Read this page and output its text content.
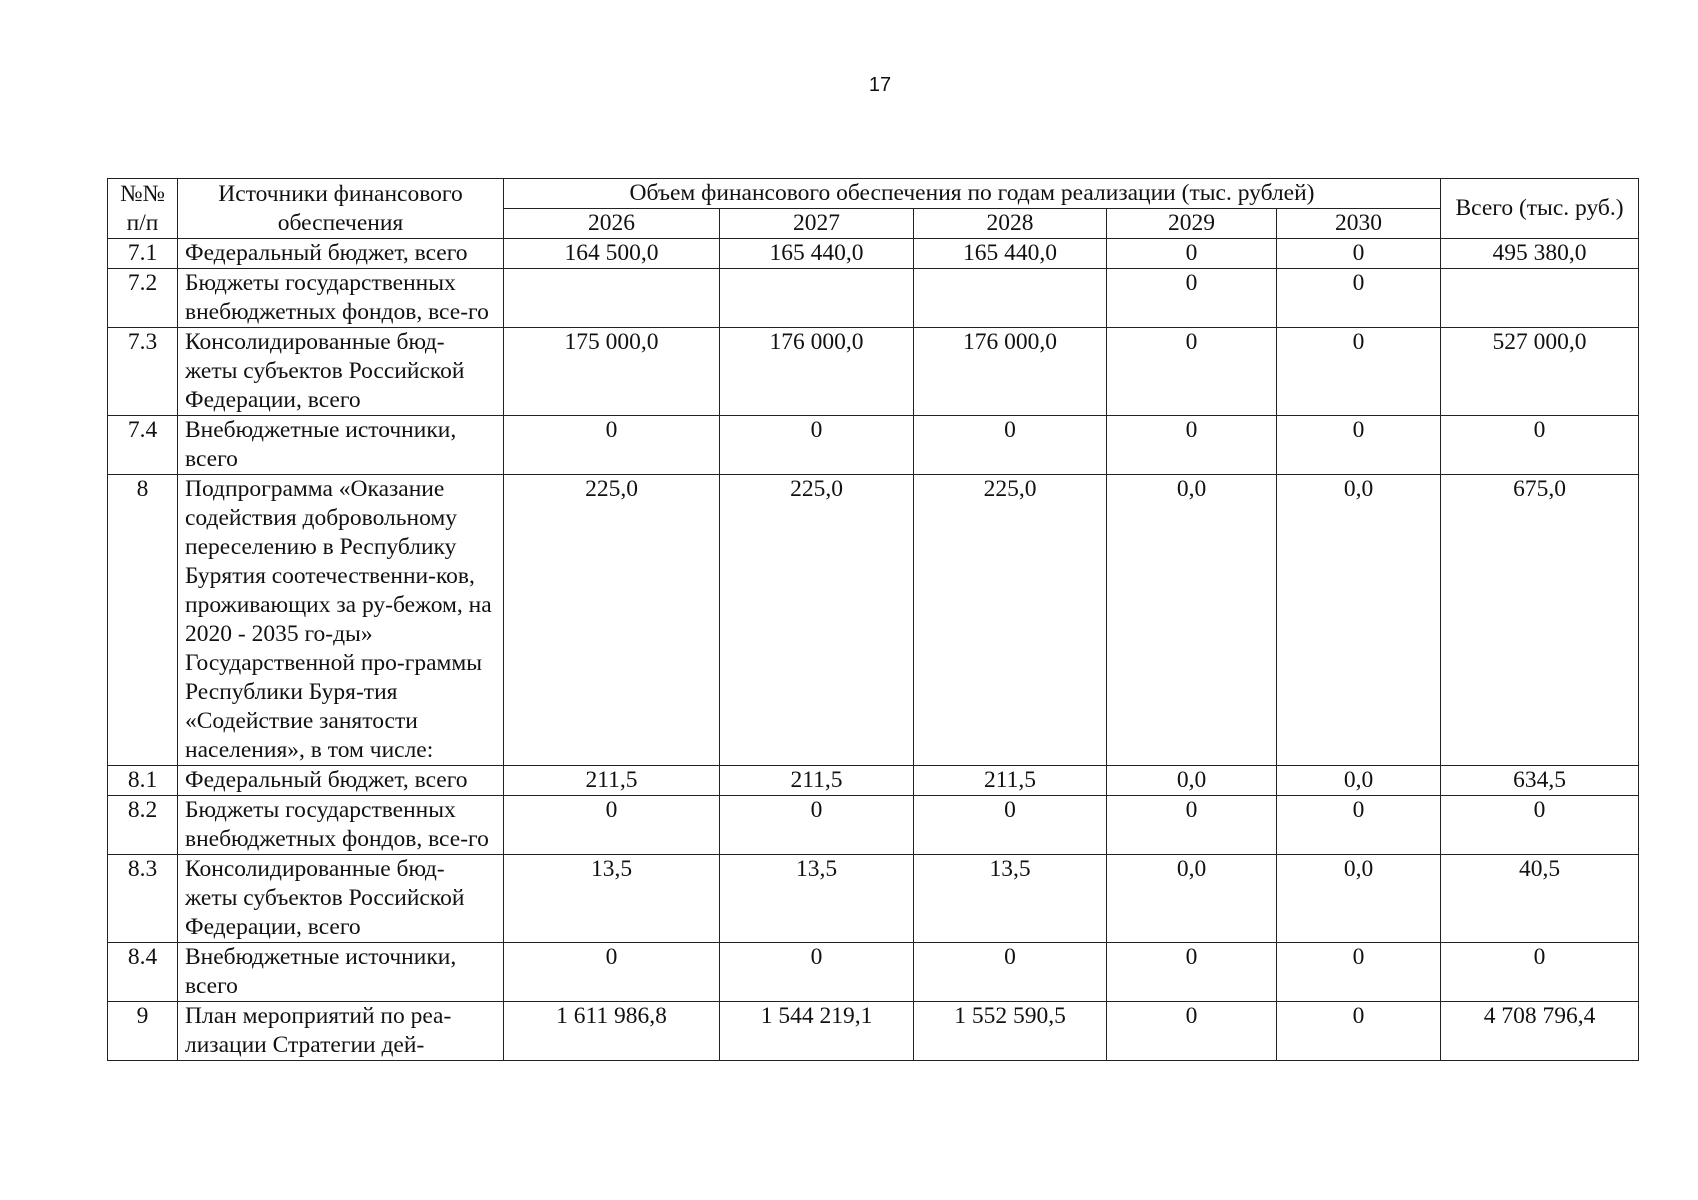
17
№№ п/п	Источники финансового обеспечения	Объем финансового обеспечения по годам реализации (тыс. рублей)					Всего (тыс. руб.)
		2026	2027	2028	2029	2030	
7.1	Федеральный бюджет, всего	164 500,0	165 440,0	165 440,0	0	0	495 380,0
7.2	Бюджеты государственных внебюджетных фондов, все-го				0	0	
7.3	Консолидированные бюд-жеты субъектов Российской Федерации, всего	175 000,0	176 000,0	176 000,0	0	0	527 000,0
7.4	Внебюджетные источники, всего	0	0	0	0	0	0
8	Подпрограмма «Оказание содействия добровольному переселению в Республику Бурятия соотечественни-ков, проживающих за ру-бежом, на 2020 - 2035 го-ды» Государственной про-граммы Республики Буря-тия «Содействие занятости населения», в том числе:	225,0	225,0	225,0	0,0	0,0	675,0
8.1	Федеральный бюджет, всего	211,5	211,5	211,5	0,0	0,0	634,5
8.2	Бюджеты государственных внебюджетных фондов, все-го	0	0	0	0	0	0
8.3	Консолидированные бюд-жеты субъектов Российской Федерации, всего	13,5	13,5	13,5	0,0	0,0	40,5
8.4	Внебюджетные источники, всего	0	0	0	0	0	0
9	План мероприятий по реа-лизации Стратегии дей-	1 611 986,8	1 544 219,1	1 552 590,5	0	0	4 708 796,4
